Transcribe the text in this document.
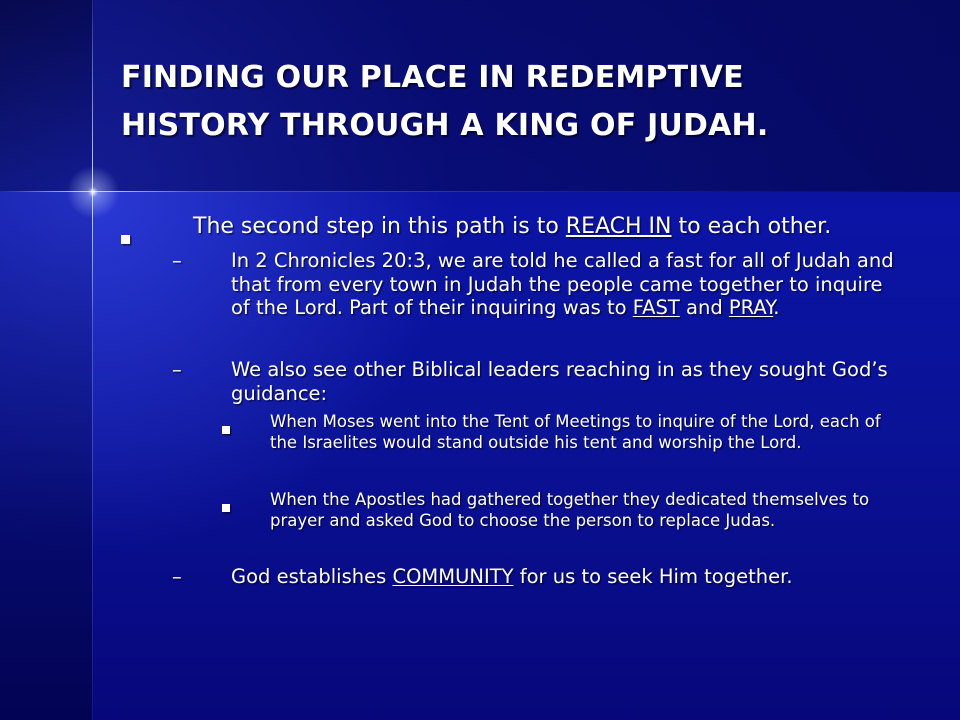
FINDING OUR PLACE IN REDEMPTIVE
HISTORY THROUGH A KING OF JUDAH.
The second step in this path is to REACH IN to each other.
–	In 2 Chronicles 20:3, we are told he called a fast for all of Judah and that from every town in Judah the people came together to inquire of the Lord. Part of their inquiring was to FAST and PRAY.
–	We also see other Biblical leaders reaching in as they sought God’s guidance:
When Moses went into the Tent of Meetings to inquire of the Lord, each of the Israelites would stand outside his tent and worship the Lord.
When the Apostles had gathered together they dedicated themselves to prayer and asked God to choose the person to replace Judas.
–	God establishes COMMUNITY for us to seek Him together.
